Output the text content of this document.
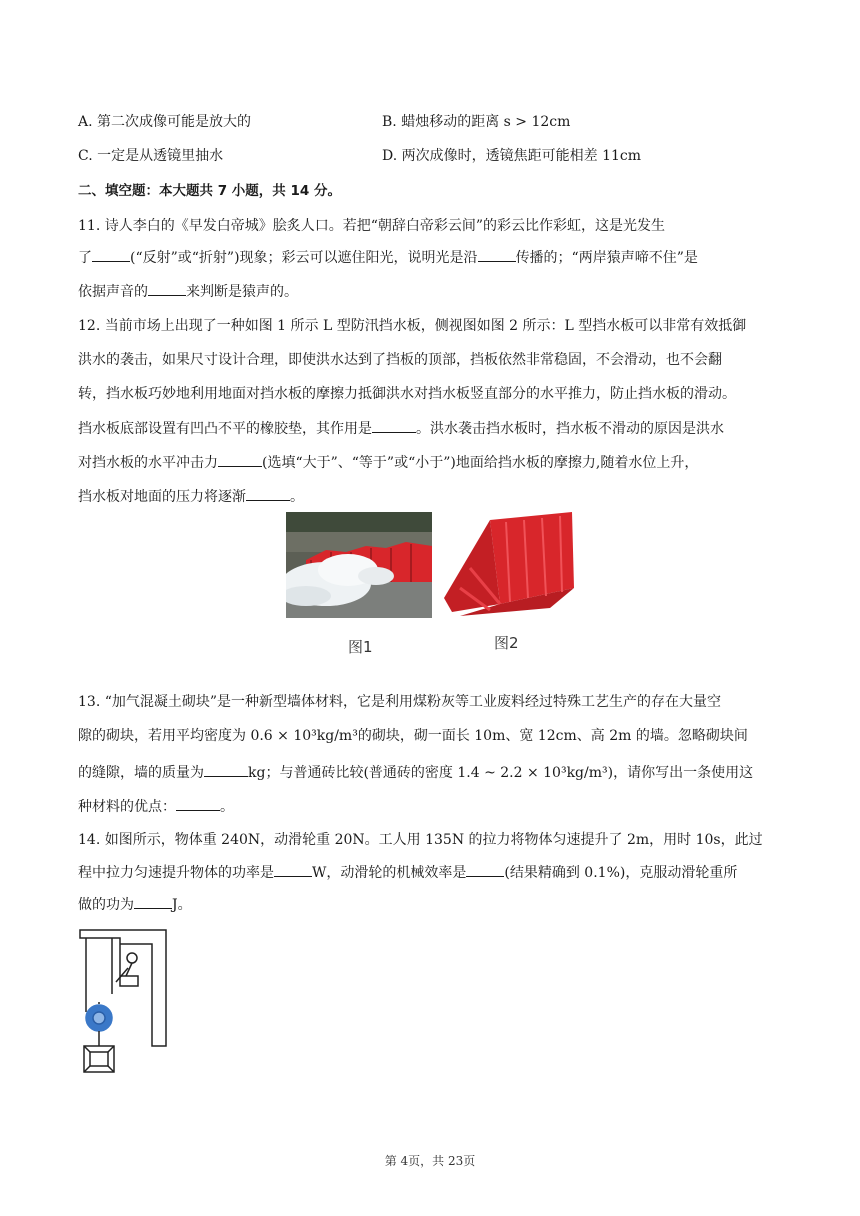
A. 第二次成像可能是放大的	B. 蜡烛移动的距离 s > 12cm
C. 一定是从透镜里抽水	D. 两次成像时，透镜焦距可能相差 11cm
二、填空题：本大题共 7 小题，共 14 分。
11. 诗人李白的《早发白帝城》脍炙人口。若把“朝辞白帝彩云间”的彩云比作彩虹，这是光发生
了	(“反射”或“折射”)现象；彩云可以遮住阳光，说明光是沿	传播的；“两岸猿声啼不住”是
依据声音的	来判断是猿声的。
12. 当前市场上出现了一种如图 1 所示 L 型防汛挡水板，侧视图如图 2 所示：L 型挡水板可以非常有效抵御
洪水的袭击，如果尺寸设计合理，即使洪水达到了挡板的顶部，挡板依然非常稳固，不会滑动，也不会翻
转，挡水板巧妙地利用地面对挡水板的摩擦力抵御洪水对挡水板竖直部分的水平推力，防止挡水板的滑动。
挡水板底部设置有凹凸不平的橡胶垫，其作用是	。洪水袭击挡水板时，挡水板不滑动的原因是洪水
对挡水板的水平冲击力	(选填“大于”、“等于”或“小于”)地面给挡水板的摩擦力,随着水位上升，
挡水板对地面的压力将逐渐	。
图1	图2
13. “加气混凝土砌块”是一种新型墙体材料，它是利用煤粉灰等工业废料经过特殊工艺生产的存在大量空
隙的砌块，若用平均密度为 0.6 × 10³kg/m³的砌块，砌一面长 10m、宽 12cm、高 2m 的墙。忽略砌块间
的缝隙，墙的质量为	kg；与普通砖比较(普通砖的密度 1.4 ~ 2.2 × 10³kg/m³)，请你写出一条使用这
种材料的优点：	。
14. 如图所示，物体重 240N，动滑轮重 20N。工人用 135N 的拉力将物体匀速提升了 2m，用时 10s，此过
程中拉力匀速提升物体的功率是	W，动滑轮的机械效率是	(结果精确到 0.1%)，克服动滑轮重所
做的功为	J。
第 4页，共 23页
